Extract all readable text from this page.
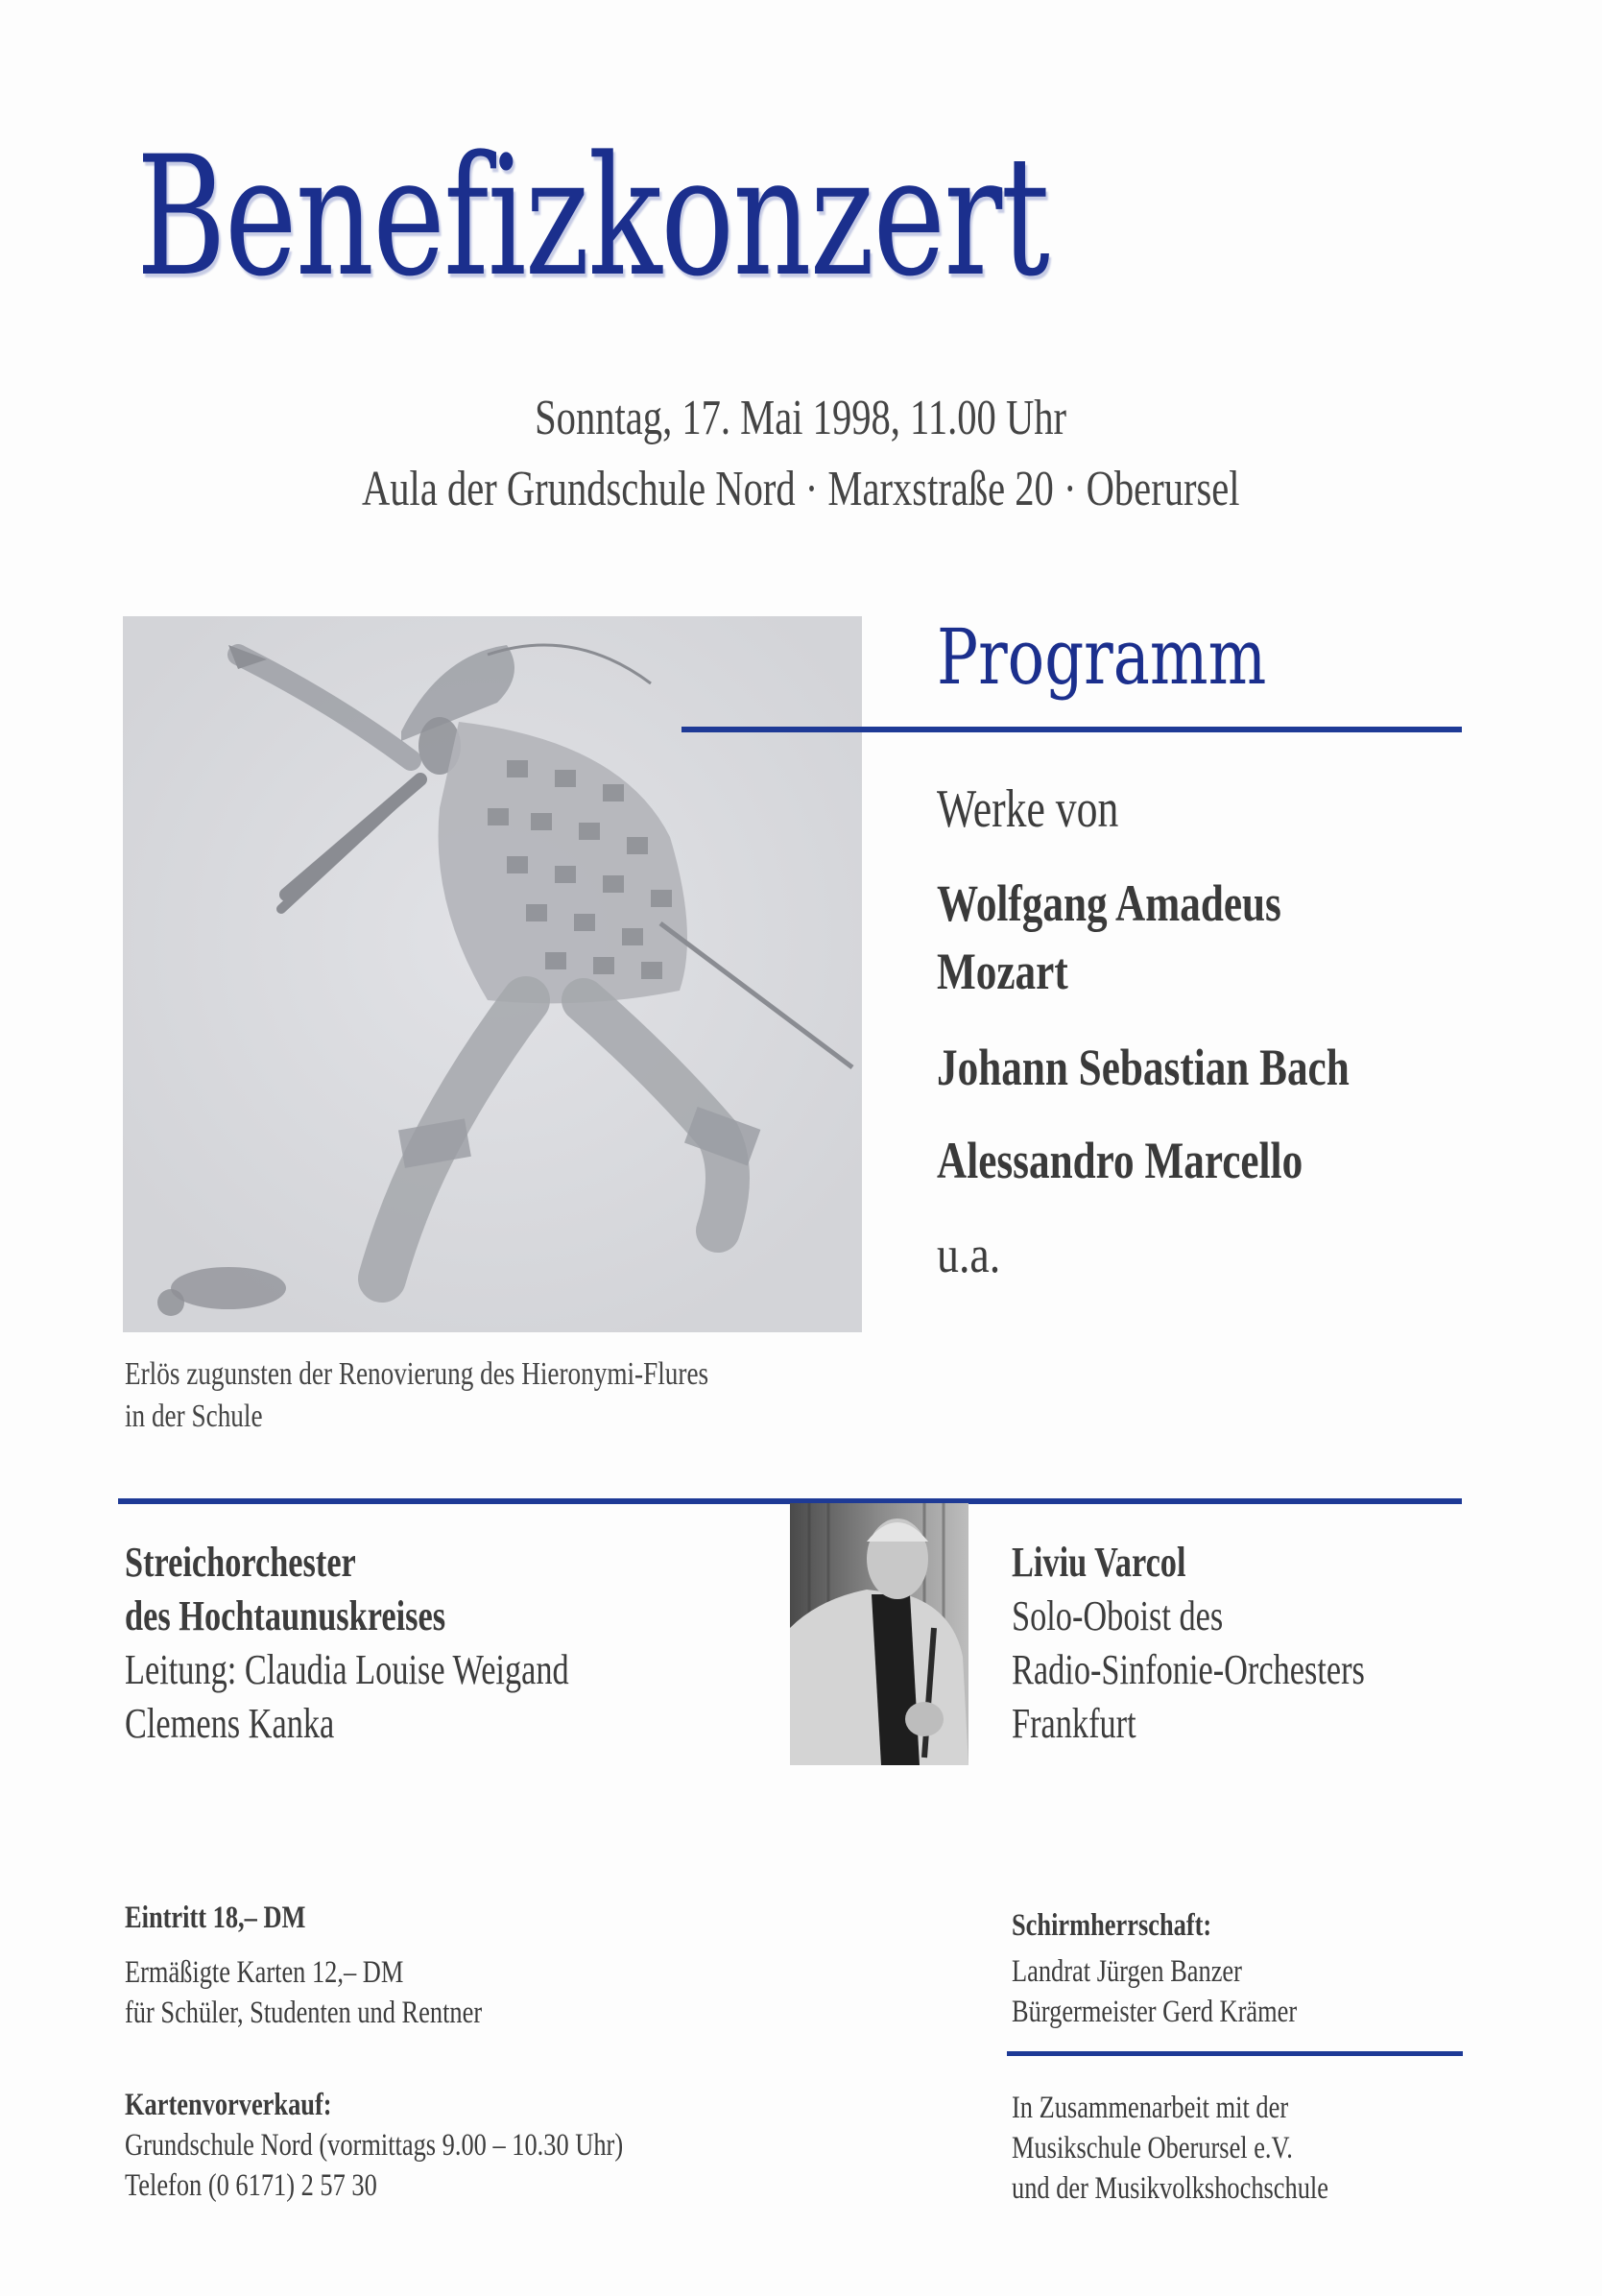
Benefizkonzert
Sonntag, 17. Mai 1998, 11.00 Uhr
Aula der Grundschule Nord · Marxstraße 20 · Oberursel
Programm
Werke von
Wolfgang Amadeus
Mozart
Johann Sebastian Bach
Alessandro Marcello
u.a.
Erlös zugunsten der Renovierung des Hieronymi-Flures
in der Schule
Streichorchester
des Hochtaunuskreises
Leitung: Claudia Louise Weigand
Clemens Kanka
Liviu Varcol
Solo-Oboist des
Radio-Sinfonie-Orchesters
Frankfurt
Eintritt 18,– DM
Ermäßigte Karten 12,– DM
für Schüler, Studenten und Rentner
Kartenvorverkauf:
Grundschule Nord (vormittags 9.00 – 10.30 Uhr)
Telefon (0 6171) 2 57 30
Schirmherrschaft:
Landrat Jürgen Banzer
Bürgermeister Gerd Krämer
In Zusammenarbeit mit der
Musikschule Oberursel e.V.
und der Musikvolkshochschule
